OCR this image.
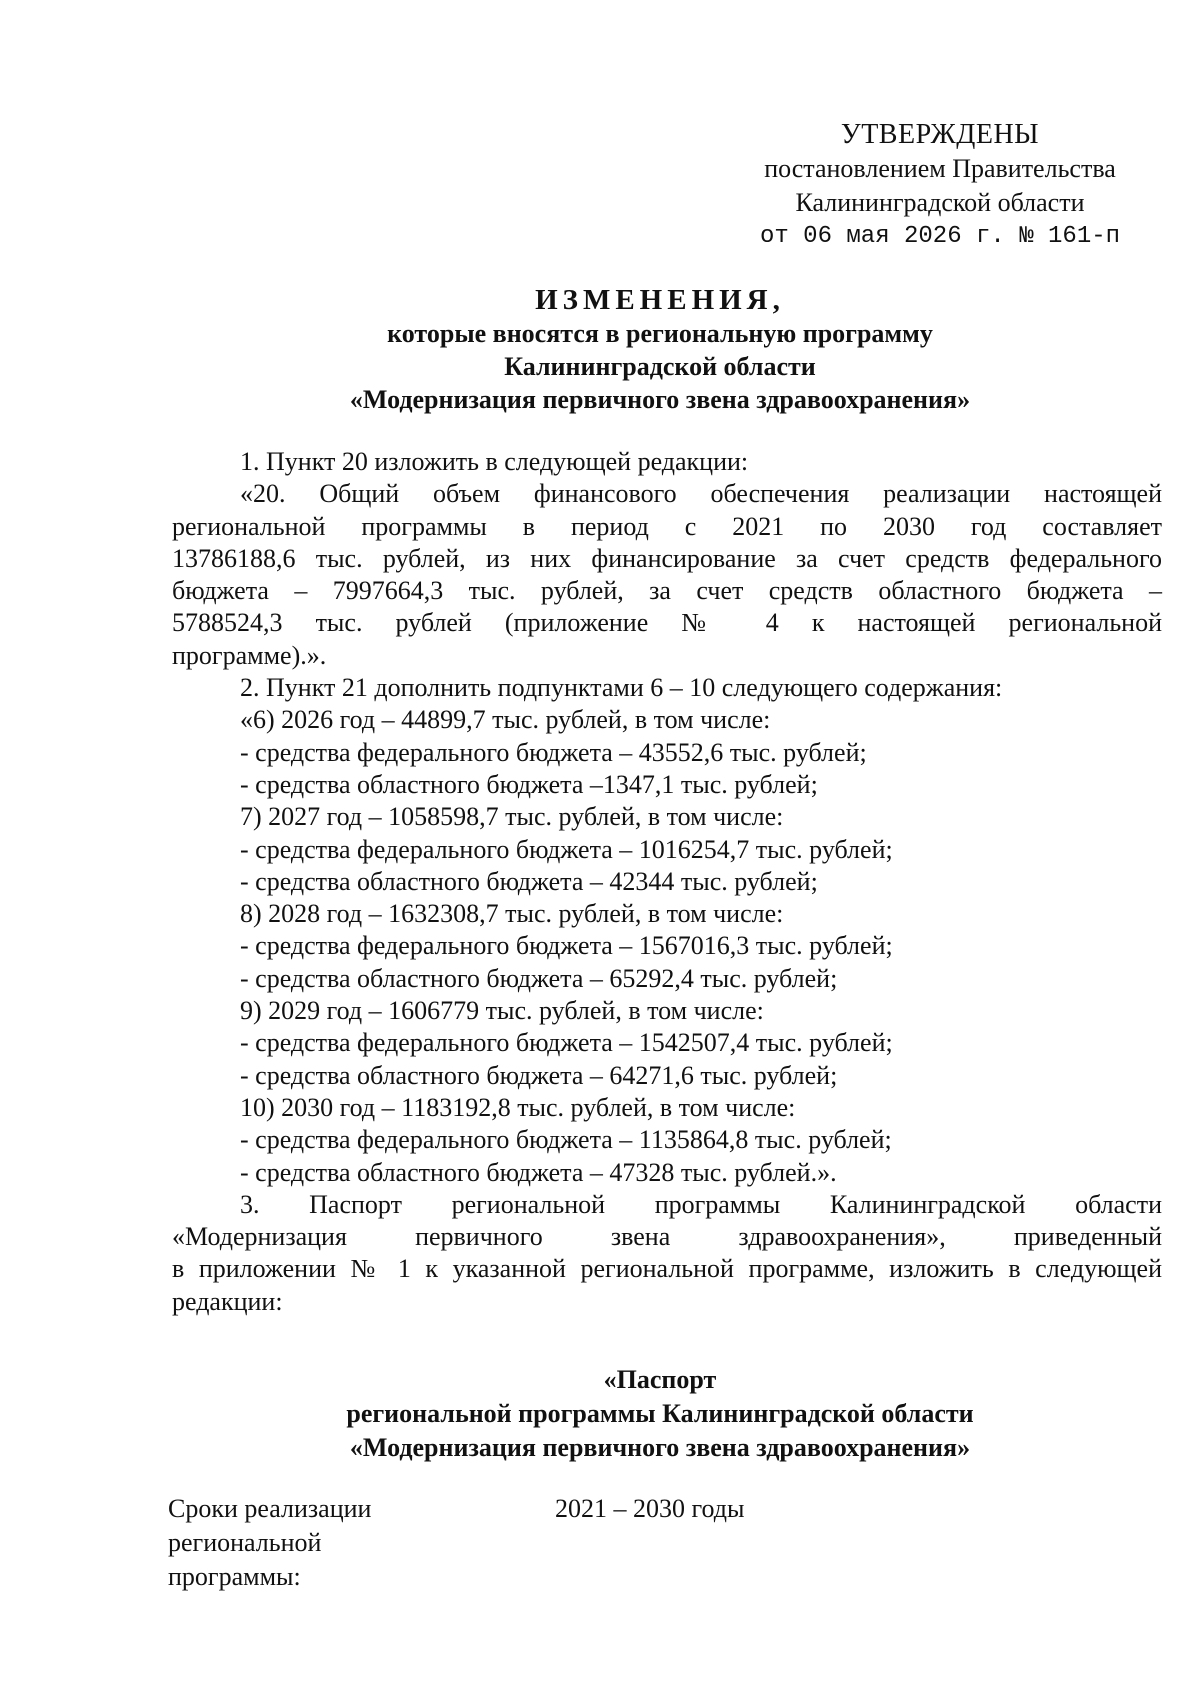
УТВЕРЖДЕНЫ
постановлением Правительства
Калининградской области
от 06 мая 2026 г. № 161-п
ИЗМЕНЕНИЯ,
которые вносятся в региональную программу
Калининградской области
«Модернизация первичного звена здравоохранения»

1. Пункт 20 изложить в следующей редакции:

«20. Общий объем финансового обеспечения реализации настоящей
региональной программы в период с 2021 по 2030 год составляет
13786188,6 тыс. рублей, из них финансирование за счет средств федерального
бюджета – 7997664,3 тыс. рублей, за счет средств областного бюджета –
5788524,3 тыс. рублей (приложение № 4 к настоящей региональной
программе).».

2. Пункт 21 дополнить подпунктами 6 – 10 следующего содержания:

«6) 2026 год – 44899,7 тыс. рублей, в том числе:
- средства федерального бюджета – 43552,6 тыс. рублей;
- средства областного бюджета –1347,1 тыс. рублей;
7) 2027 год – 1058598,7 тыс. рублей, в том числе:
- средства федерального бюджета – 1016254,7 тыс. рублей;
- средства областного бюджета – 42344 тыс. рублей;
8) 2028 год – 1632308,7 тыс. рублей, в том числе:
- средства федерального бюджета – 1567016,3 тыс. рублей;
- средства областного бюджета – 65292,4 тыс. рублей;
9) 2029 год – 1606779 тыс. рублей, в том числе:
- средства федерального бюджета – 1542507,4 тыс. рублей;
- средства областного бюджета – 64271,6 тыс. рублей;
10) 2030 год – 1183192,8 тыс. рублей, в том числе:
- средства федерального бюджета – 1135864,8 тыс. рублей;
- средства областного бюджета – 47328 тыс. рублей.».
3. Паспорт региональной программы Калининградской области
«Модернизация первичного звена здравоохранения», приведенный
в приложении № 1 к указанной региональной программе, изложить в следующей
редакции:
«Паспорт
региональной программы Калининградской области
«Модернизация первичного звена здравоохранения»
Сроки реализации
региональной
программы:
2021 – 2030 годы
